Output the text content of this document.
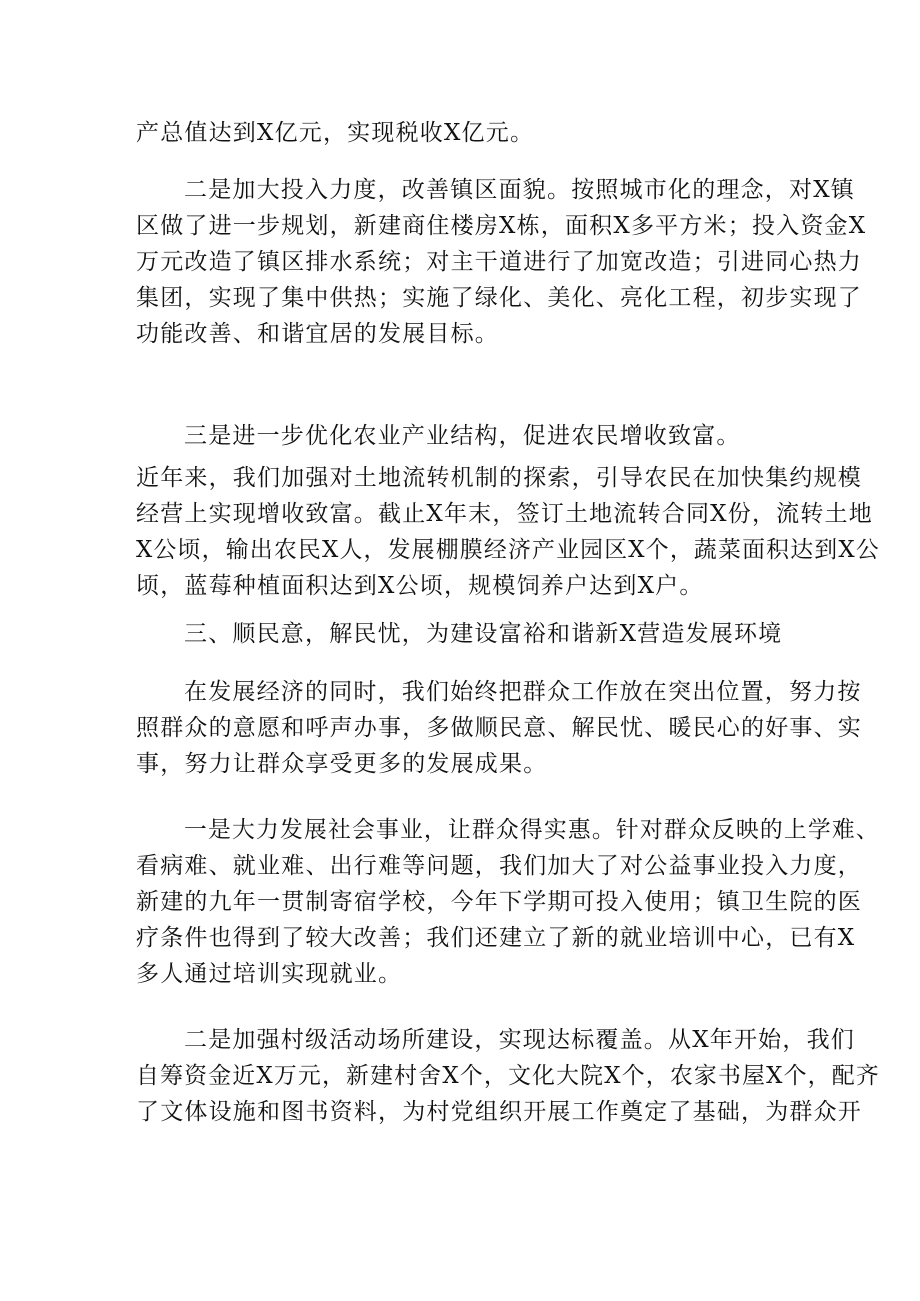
产总值达到X亿元，实现税收X亿元。
二是加大投入力度，改善镇区面貌。按照城市化的理念，对X镇
区做了进一步规划，新建商住楼房X栋，面积X多平方米；投入资金X
万元改造了镇区排水系统；对主干道进行了加宽改造；引进同心热力
集团，实现了集中供热；实施了绿化、美化、亮化工程，初步实现了
功能改善、和谐宜居的发展目标。
三是进一步优化农业产业结构，促进农民增收致富。
近年来，我们加强对土地流转机制的探索，引导农民在加快集约规模
经营上实现增收致富。截止X年末，签订土地流转合同X份，流转土地
X公顷，输出农民X人，发展棚膜经济产业园区X个，蔬菜面积达到X公
顷，蓝莓种植面积达到X公顷，规模饲养户达到X户。
三、顺民意，解民忧，为建设富裕和谐新X营造发展环境
在发展经济的同时，我们始终把群众工作放在突出位置，努力按
照群众的意愿和呼声办事，多做顺民意、解民忧、暖民心的好事、实
事，努力让群众享受更多的发展成果。
一是大力发展社会事业，让群众得实惠。针对群众反映的上学难、
看病难、就业难、出行难等问题，我们加大了对公益事业投入力度，
新建的九年一贯制寄宿学校，今年下学期可投入使用；镇卫生院的医
疗条件也得到了较大改善；我们还建立了新的就业培训中心，已有X
多人通过培训实现就业。
二是加强村级活动场所建设，实现达标覆盖。从X年开始，我们
自筹资金近X万元，新建村舍X个，文化大院X个，农家书屋X个，配齐
了文体设施和图书资料，为村党组织开展工作奠定了基础，为群众开
